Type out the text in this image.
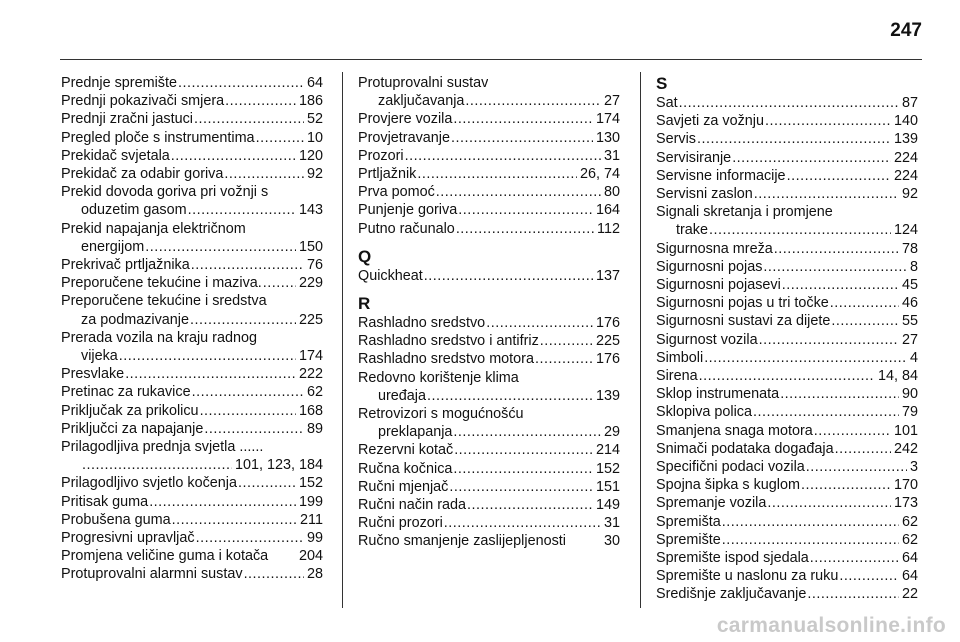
247
Prednje spremište .....	64
Prednji pokazivači smjera .....	186
Prednji zračni jastuci .....	52
Pregled ploče s instrumentima .....	10
Prekidač svjetala .....	120
Prekidač za odabir goriva .....	92
Prekid dovoda goriva pri vožnji s
oduzetim gasom .....	143
Prekid napajanja električnom
energijom .....	150
Prekrivač prtljažnika .....	76
Preporučene tekućine i maziva. .....	229
Preporučene tekućine i sredstva
za podmazivanje .....	225
Prerada vozila na kraju radnog
vijeka .....	174
Presvlake .....	222
Pretinac za rukavice .....	62
Priključak za prikolicu .....	168
Priključci za napajanje .....	89
Prilagodljiva prednja svjetla ......
.....
101, 123, 184
Prilagodljivo svjetlo kočenja .....	152
Pritisak guma .....	199
Probušena guma .....	211
Progresivni upravljač .....	99
Promjena veličine guma i kotača 204
Protuprovalni alarmni sustav .....	28
Protuprovalni sustav
zaključavanja .....	27
Provjere vozila .....	174
Provjetravanje .....	130
Prozori .....	31
Prtljažnik .....	26, 74
Prva pomoć .....	80
Punjenje goriva .....	164
Putno računalo .....	112
Q
Quickheat .....	137
R
Rashladno sredstvo .....	176
Rashladno sredstvo i antifriz .....	225
Rashladno sredstvo motora .....	176
Redovno korištenje klima
uređaja .....	139
Retrovizori s mogućnošću
preklapanja .....	29
Rezervni kotač .....	214
Ručna kočnica .....	152
Ručni mjenjač .....	151
Ručni način rada .....	149
Ručni prozori .....	31
Ručno smanjenje zaslijepljenosti	30
S
Sat .....	87
Savjeti za vožnju .....	140
Servis .....	139
Servisiranje .....	224
Servisne informacije .....	224
Servisni zaslon .....	92
Signali skretanja i promjene
trake .....	124
Sigurnosna mreža .....	78
Sigurnosni pojas .....	8
Sigurnosni pojasevi .....	45
Sigurnosni pojas u tri točke .....	46
Sigurnosni sustavi za dijete .....	55
Sigurnost vozila .....	27
Simboli .....	4
Sirena .....	14, 84
Sklop instrumenata .....	90
Sklopiva polica .....	79
Smanjena snaga motora .....	101
Snimači podataka događaja .....	242
Specifični podaci vozila .....	3
Spojna šipka s kuglom .....	170
Spremanje vozila .....	173
Spremišta .....	62
Spremište .....	62
Spremište ispod sjedala .....	64
Spremište u naslonu za ruku .....	64
Središnje zaključavanje .....	22
carmanualsonline.info
